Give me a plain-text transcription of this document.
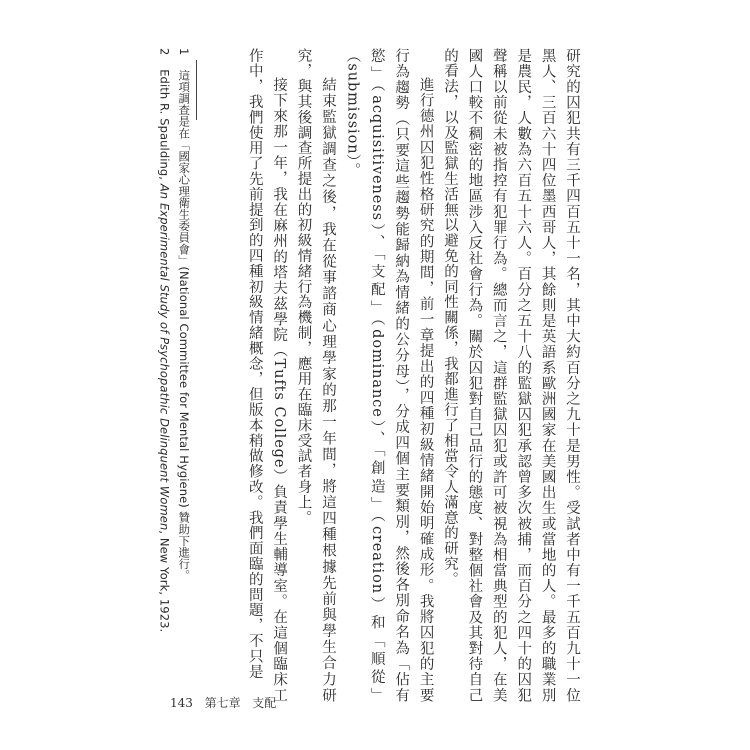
研究的囚犯共有三千四百五十一名，其中大約百分之九十是男性。受試者中有一千五百九十一位黑人、三百六十四位墨西哥人，其餘則是英語系歐洲國家在美國出生或當地的人。最多的職業別是農民，人數為六百五十六人。百分之五十八的監獄囚犯承認曾多次被捕，而百分之四十的囚犯聲稱以前從未被指控有犯罪行為。總而言之，這群監獄囚犯或許可被視為相當典型的犯人，在美國人口較不稠密的地區涉入反社會行為。關於囚犯對自己品行的態度、對整個社會及其對待自己的看法，以及監獄生活無以避免的同性關係，我都進行了相當令人滿意的研究。

進行德州囚犯性格研究的期間，前一章提出的四種初級情緒開始明確成形。我將囚犯的主要行為趨勢（只要這些趨勢能歸納為情緒的公分母），分成四個主要類別，然後各別命名為「佔有慾」（acquisitiveness）、「支配」（dominance）、「創造」（creation）和「順從」（submission）。

結束監獄調查之後，我在從事諮商心理學家的那一年間，將這四種根據先前與學生合力研究，與其後調查所提出的初級情緒行為機制，應用在臨床受試者身上。

接下來那一年，我在麻州的塔夫茲學院（Tufts College）負責學生輔導室。在這個臨床工作中，我們使用了先前提到的四種初級情緒概念，但版本稍做修改。我們面臨的問題，不只是

1 這項調查是在「國家心理衛生委員會」(National Committee for Mental Hygiene) 贊助下進行。

2 Edith R. Spaulding, An Experimental Study of Psychopathic Delinquent Women, New York, 1923.

143 第七章 支配
